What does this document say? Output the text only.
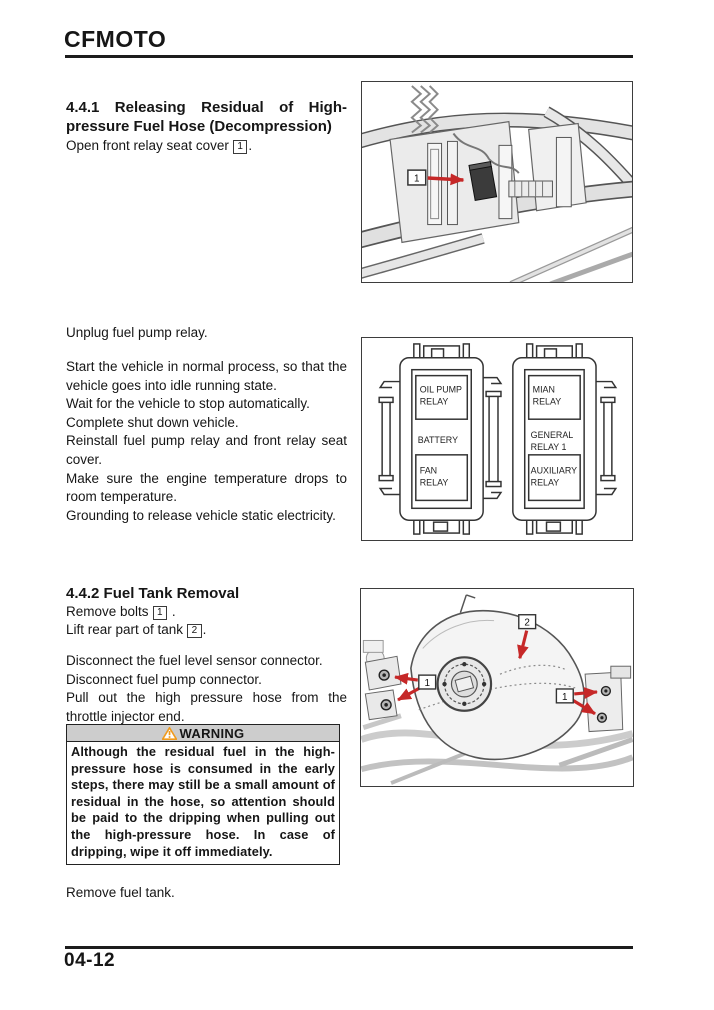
CFMOTO
4.4.1 Releasing Residual of High-
pressure Fuel Hose (Decompression)
Open front relay seat cover 1 .
1

Unplug fuel pump relay.

Start the vehicle in normal process, so that the vehicle goes into idle running state.

Wait for the vehicle to stop automatically.

Complete shut down vehicle.

Reinstall fuel pump relay and front relay seat cover.

Make sure the engine temperature drops to room temperature.

Grounding to release vehicle static electricity.

OIL PUMP
RELAY
BATTERY
FAN
RELAY
MIAN
RELAY
GENERAL
RELAY 1
AUXILIARY
RELAY
4.4.2 Fuel Tank Removal
Remove bolts 1 .
Lift rear part of tank 2 .

Disconnect the fuel level sensor connector.

Disconnect fuel pump connector.

Pull out the high pressure hose from the throttle injector end.

WARNING
Although the residual fuel in the high-pressure hose is consumed in the early steps, there may still be a small amount of residual in the hose, so attention should be paid to the dripping when pulling out the high-pressure hose. In case of dripping, wipe it off immediately.
Remove fuel tank.
2
1
1
04-12
